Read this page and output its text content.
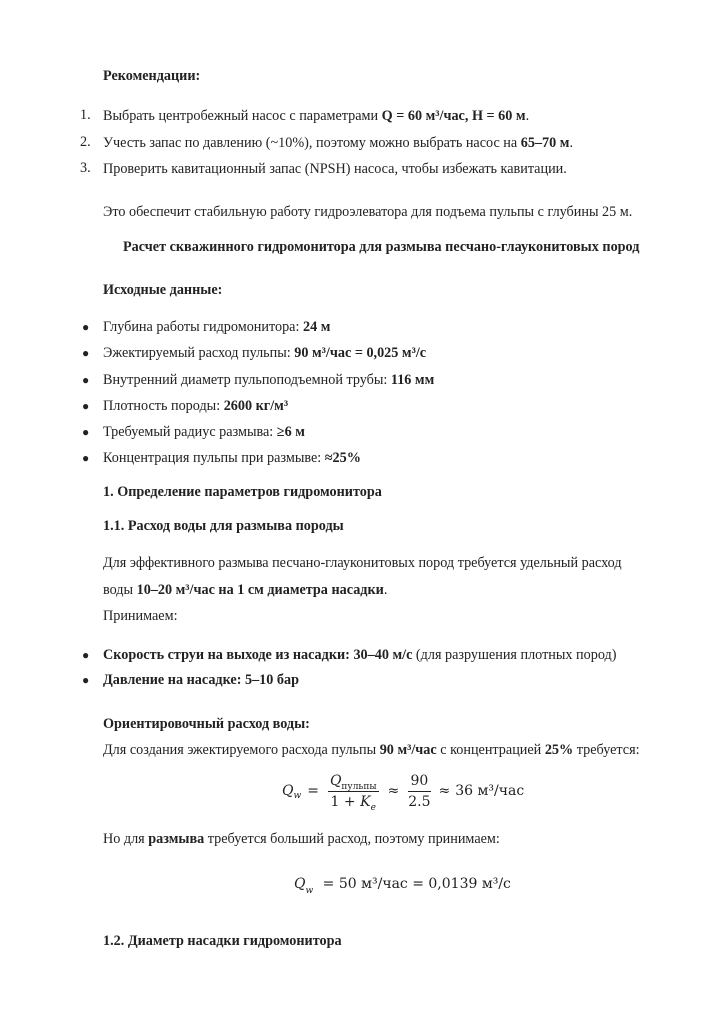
Рекомендации:
1. Выбрать центробежный насос с параметрами Q = 60 м³/час, H = 60 м.
2. Учесть запас по давлению (~10%), поэтому можно выбрать насос на 65–70 м.
3. Проверить кавитационный запас (NPSH) насоса, чтобы избежать кавитации.
Это обеспечит стабильную работу гидроэлеватора для подъема пульпы с глубины 25 м.
Расчет скважинного гидромонитора для размыва песчано-глауконитовых пород
Исходные данные:
● Глубина работы гидромонитора: 24 м
● Эжектируемый расход пульпы: 90 м³/час = 0,025 м³/с
● Внутренний диаметр пульпоподъемной трубы: 116 мм
● Плотность породы: 2600 кг/м³
● Требуемый радиус размыва: ≥6 м
● Концентрация пульпы при размыве: ≈25%
1. Определение параметров гидромонитора
1.1. Расход воды для размыва породы
Для эффективного размыва песчано-глауконитовых пород требуется удельный расход
воды 10–20 м³/час на 1 см диаметра насадки.
Принимаем:
● Скорость струи на выходе из насадки: 30–40 м/с (для разрушения плотных пород)
● Давление на насадке: 5–10 бар
Ориентировочный расход воды:
Для создания эжектируемого расхода пульпы 90 м³/час с концентрацией 25% требуется:
Q $w = \frac{Q_{пульпы}}{1 + K_e} \approx \frac{90}{2.5} \approx 36$ м³/час
Но для размыва требуется больший расход, поэтому принимаем:
$Q_w = 50$ м³/час = 0,0139 м³/с
1.2. Диаметр насадки гидромонитора
